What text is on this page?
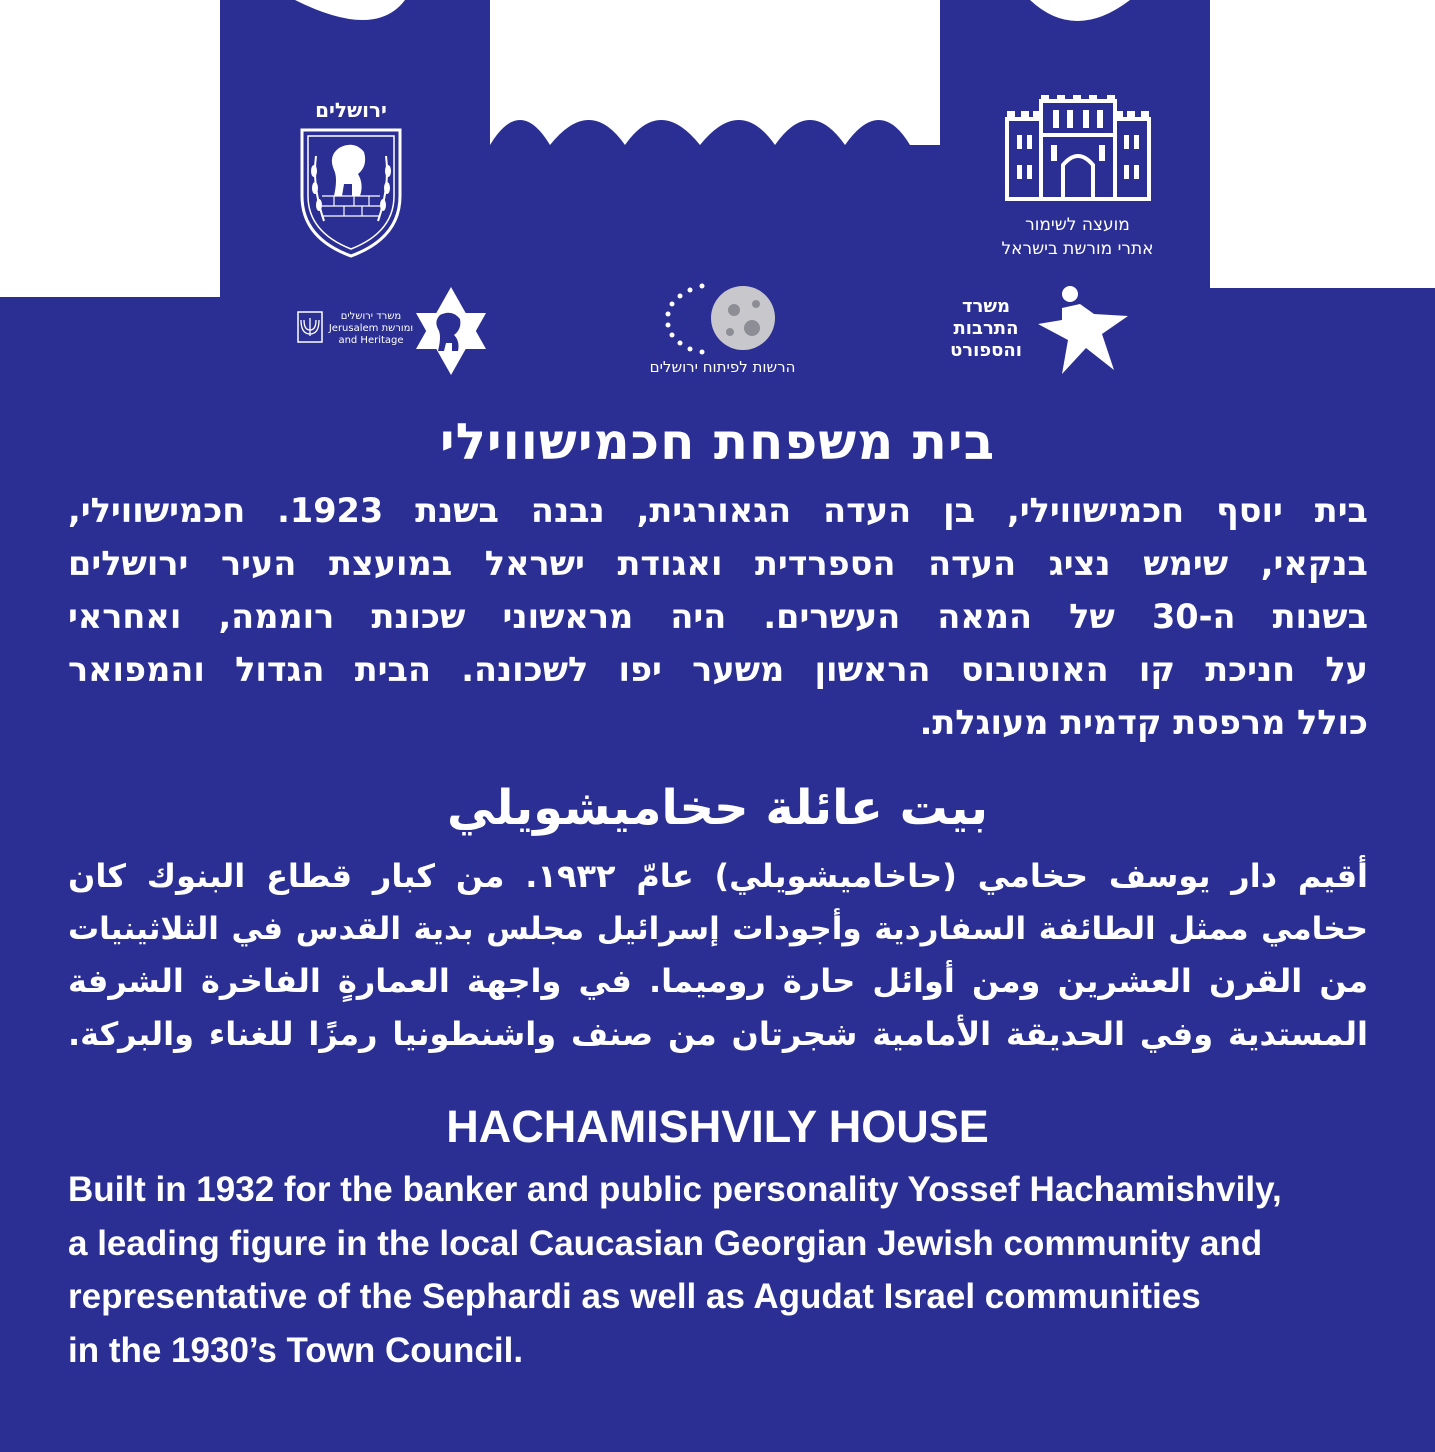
ירושלים
מועצה לשימור
אתרי מורשת בישראל
משרד ירושלים
ומורשת Jerusalem
and Heritage
הרשות לפיתוח ירושלים
משרד
התרבות
והספורט
בית משפחת חכמישווילי
בית יוסף חכמישווילי, בן העדה הגאורגית, נבנה בשנת 1923. חכמישווילי,
בנקאי, שימש נציג העדה הספרדית ואגודת ישראל במועצת העיר ירושלים
בשנות ה-30 של המאה העשרים. היה מראשוני שכונת רוממה, ואחראי
על חניכת קו האוטובוס הראשון משער יפו לשכונה. הבית הגדול והמפואר
כולל מרפסת קדמית מעוגלת.
بيت عائلة حخاميشويلي
أقيم دار يوسف حخامي (حاخاميشويلي) عامّ ١٩٣٢. من كبار قطاع البنوك كان
حخامي ممثل الطائفة السفاردية وأجودات إسرائيل مجلس بدية القدس في الثلاثينيات
من القرن العشرين ومن أوائل حارة روميما. في واجهة العمارةٍ الفاخرة الشرفة
المستدية وفي الحديقة الأمامية شجرتان من صنف واشنطونيا رمزًا للغناء والبركة.
HACHAMISHVILY HOUSE
Built in 1932 for the banker and public personality Yossef Hachamishvily,
a leading figure in the local Caucasian Georgian Jewish community and
representative of the Sephardi as well as Agudat Israel communities
in the 1930’s Town Council.
